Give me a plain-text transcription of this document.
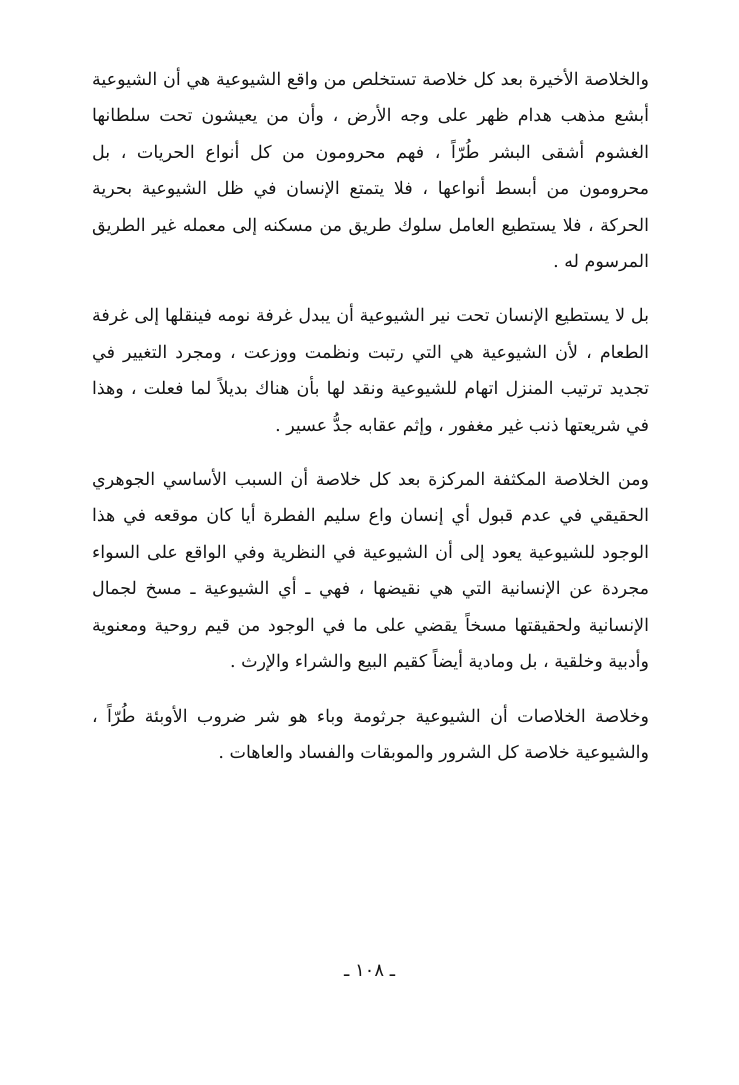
والخلاصة الأخيرة بعد كل خلاصة تستخلص من واقع الشيوعية هي أن الشيوعية أبشع مذهب هدام ظهر على وجه الأرض ، وأن من يعيشون تحت سلطانها الغشوم أشقى البشر طُرّاً ، فهم محرومون من كل أنواع الحريات ، بل محرومون من أبسط أنواعها ، فلا يتمتع الإنسان في ظل الشيوعية بحرية الحركة ، فلا يستطيع العامل سلوك طريق من مسكنه إلى معمله غير الطريق المرسوم له .

بل لا يستطيع الإنسان تحت نير الشيوعية أن يبدل غرفة نومه فينقلها إلى غرفة الطعام ، لأن الشيوعية هي التي رتبت ونظمت ووزعت ، ومجرد التغيير في تجديد ترتيب المنزل اتهام للشيوعية ونقد لها بأن هناك بديلاً لما فعلت ، وهذا في شريعتها ذنب غير مغفور ، وإثم عقابه جدُّ عسير .

ومن الخلاصة المكثفة المركزة بعد كل خلاصة أن السبب الأساسي الجوهري الحقيقي في عدم قبول أي إنسان واع سليم الفطرة أيا كان موقعه في هذا الوجود للشيوعية يعود إلى أن الشيوعية في النظرية وفي الواقع على السواء مجردة عن الإنسانية التي هي نقيضها ، فهي ـ أي الشيوعية ـ مسخ لجمال الإنسانية ولحقيقتها مسخاً يقضي على ما في الوجود من قيم روحية ومعنوية وأدبية وخلقية ، بل ومادية أيضاً كقيم البيع والشراء والإرث .

وخلاصة الخلاصات أن الشيوعية جرثومة وباء هو شر ضروب الأوبئة طُرّاً ، والشيوعية خلاصة كل الشرور والموبقات والفساد والعاهات .

ـ ١٠٨ ـ
